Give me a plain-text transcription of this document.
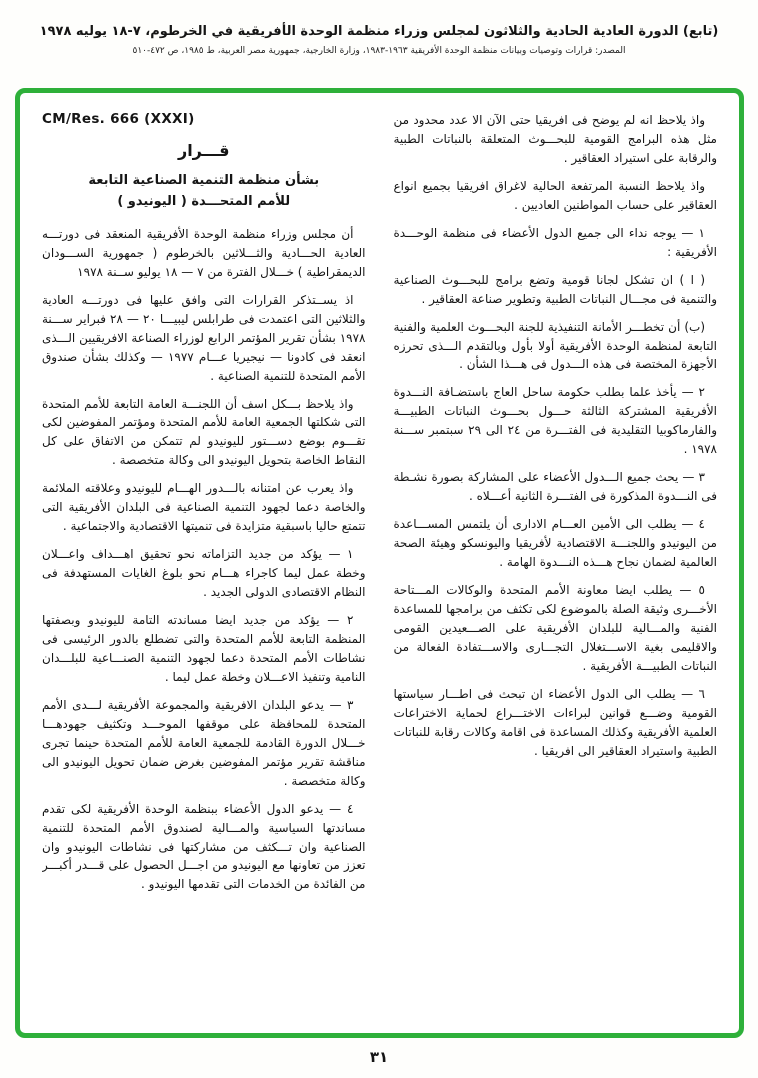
(تابع) الدورة العادية الحادية والثلاثون لمجلس وزراء منظمة الوحدة الأفريقية في الخرطوم، ٧-١٨ يوليه ١٩٧٨
المصدر: قرارات وتوصيات وبيانات منظمة الوحدة الأفريقية ١٩٦٣-١٩٨٣، وزارة الخارجية، جمهورية مصر العربية، ط ١٩٨٥، ص ٤٧٢-٥١٠

واذ يلاحظ انه لم يوضح فى افريقيا حتى الآن الا عدد محدود من مثل هذه البرامج القومية للبحـــوث المتعلقة بالنباتات الطبية والرقابة على استيراد العقاقير .

واذ يلاحظ النسبة المرتفعة الحالية لاغراق افريقيا بجميع انواع العقاقير على حساب المواطنين العاديين .

١ — يوجه نداء الى جميع الدول الأعضاء فى منظمة الوحـــدة الأفريقية :

( ا ) ان تشكل لجانا قومية وتضع برامج للبحـــوث الصناعية والتنمية فى مجـــال النباتات الطبية وتطوير صناعة العقاقير .

(ب) أن تخطـــر الأمانة التنفيذية للجنة البحـــوث العلمية والفنية التابعة لمنظمة الوحدة الأفريقية أولا بأول وبالتقدم الـــذى تحرزه الأجهزة المختصة فى هذه الـــدول فى هـــذا الشأن .

٢ — يأخذ علما بطلب حكومة ساحل العاج باستضـافة النـــدوة الأفريقية المشتركة الثالثة حـــول بحـــوث النباتات الطبيـــة والفارماكوبيا التقليدية فى الفتـــرة من ٢٤ الى ٢٩ سبتمبر ســـنة ١٩٧٨ .

٣ — يحث جميع الـــدول الأعضاء على المشاركة بصورة نشـطة فى النـــدوة المذكورة فى الفتـــرة الثانية أعـــلاه .

٤ — يطلب الى الأمين العـــام الادارى أن يلتمس المســـاعدة من اليونيدو واللجنـــة الاقتصادية لأفريقيا واليونسكو وهيئة الصحة العالمية لضمان نجاح هـــذه النـــدوة الهامة .

٥ — يطلب ايضا معاونة الأمم المتحدة والوكالات المـــتاحة الأخـــرى وثيقة الصلة بالموضوع لكى تكثف من برامجها للمساعدة الفنية والمـــالية للبلدان الأفريقية على الصـــعيدين القومى والاقليمى بغية الاســـتغلال التجـــارى والاســـتفادة الفعالة من النباتات الطبيـــة الأفريقية .

٦ — يطلب الى الدول الأعضاء ان تبحث فى اطـــار سياستها القومية وضـــع قوانين لبراءات الاختـــراع لحماية الاختراعات العلمية الأفريقية وكذلك المساعدة فى اقامة وكالات رقابة للنباتات الطبية واستيراد العقاقير الى افريقيا .

CM/Res. 666 (XXXI)
قـــرار
بشأن منظمة التنمية الصناعية التابعة
للأمم المتحـــدة ( اليونيدو )

أن مجلس وزراء منظمة الوحدة الأفريقية المنعقد فى دورتـــه العادية الحـــادية والثـــلاثين بالخرطوم ( جمهورية الســـودان الديمقراطية ) خـــلال الفترة من ٧ — ١٨ يوليو ســنة ١٩٧٨

اذ يســتذكر القرارات التى وافق عليها فى دورتـــه العادية والثلاثين التى اعتمدت فى طرابلس ليبيـــا ٢٠ — ٢٨ فبراير ســـنة ١٩٧٨ بشأن تقرير المؤتمر الرابع لوزراء الصناعة الافريقيين الـــذى انعقد فى كادونا — نيجيريا عـــام ١٩٧٧ — وكذلك بشأن صندوق الأمم المتحدة للتنمية الصناعية .

واذ يلاحظ بـــكل اسف أن اللجنـــة العامة التابعة للأمم المتحدة التى شكلتها الجمعية العامة للأمم المتحدة ومؤتمر المفوضين لكى تقـــوم بوضع دســـتور لليونيدو لم تتمكن من الاتفاق على كل النقاط الخاصة بتحويل اليونيدو الى وكالة متخصصة .

واذ يعرب عن امتنانه بالـــدور الهـــام لليونيدو وعلاقته الملائمة والخاصة دعما لجهود التنمية الصناعية فى البلدان الأفريقية التى تتمتع حاليا باسبقية متزايدة فى تنميتها الاقتصادية والاجتماعية .

١ — يؤكد من جديد التزاماته نحو تحقيق اهـــداف واعـــلان وخطة عمل ليما كاجراء هـــام نحو بلوغ الغايات المستهدفة فى النظام الاقتصادى الدولى الجديد .

٢ — يؤكد من جديد ايضا مساندته التامة لليونيدو وبصفتها المنظمة التابعة للأمم المتحدة والتى تضطلع بالدور الرئيسى فى نشاطات الأمم المتحدة دعما لجهود التنمية الصنـــاعية للبلـــدان النامية وتنفيذ الاعـــلان وخطة عمل ليما .

٣ — يدعو البلدان الافريقية والمجموعة الأفريقية لـــدى الأمم المتحدة للمحافظة على موقفها الموحـــد وتكثيف جهودهـــا خـــلال الدورة القادمة للجمعية العامة للأمم المتحدة حينما تجرى مناقشة تقرير مؤتمر المفوضين بغرض ضمان تحويل اليونيدو الى وكالة متخصصة .

٤ — يدعو الدول الأعضاء ببنظمة الوحدة الأفريقية لكى تقدم مساندتها السياسية والمـــالية لصندوق الأمم المتحدة للتنمية الصناعية وان تـــكثف من مشاركتها فى نشاطات اليونيدو وان تعزز من تعاونها مع اليونيدو من اجـــل الحصول على قـــدر أكبـــر من الفائدة من الخدمات التى تقدمها اليونيدو .

٣١
